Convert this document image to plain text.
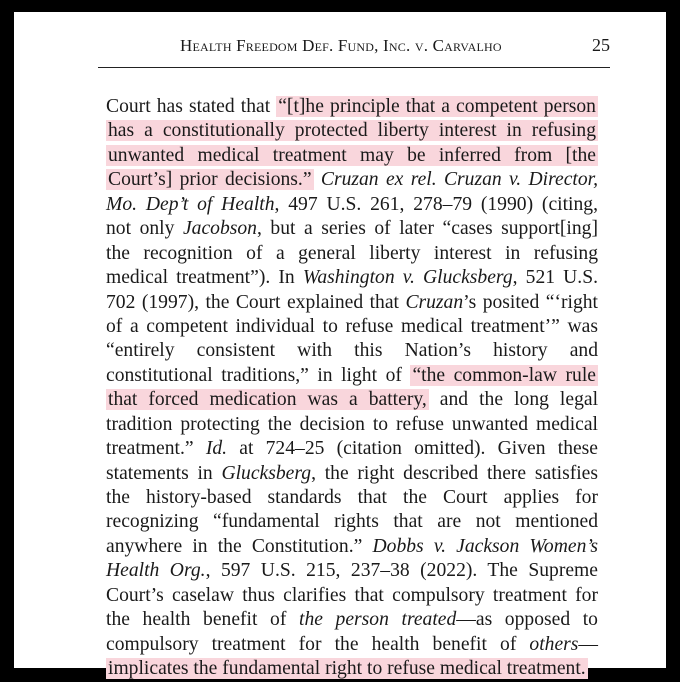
Health Freedom Def. Fund, Inc. v. Carvalho	25
Court has stated that “[t]he principle that a competent person
has a constitutionally protected liberty interest in refusing
unwanted medical treatment may be inferred from [the
Court’s] prior decisions.” Cruzan ex rel. Cruzan v. Director,
Mo. Dep’t of Health, 497 U.S. 261, 278–79 (1990) (citing,
not only Jacobson, but a series of later “cases support[ing]
the recognition of a general liberty interest in refusing
medical treatment”). In Washington v. Glucksberg, 521 U.S.
702 (1997), the Court explained that Cruzan’s posited “‘right
of a competent individual to refuse medical treatment’” was
“entirely consistent with this Nation’s history and
constitutional traditions,” in light of “the common-law rule
that forced medication was a battery, and the long legal
tradition protecting the decision to refuse unwanted medical
treatment.” Id. at 724–25 (citation omitted). Given these
statements in Glucksberg, the right described there satisfies
the history-based standards that the Court applies for
recognizing “fundamental rights that are not mentioned
anywhere in the Constitution.” Dobbs v. Jackson Women’s
Health Org., 597 U.S. 215, 237–38 (2022). The Supreme
Court’s caselaw thus clarifies that compulsory treatment for
the health benefit of the person treated—as opposed to
compulsory treatment for the health benefit of others—
implicates the fundamental right to refuse medical treatment.
